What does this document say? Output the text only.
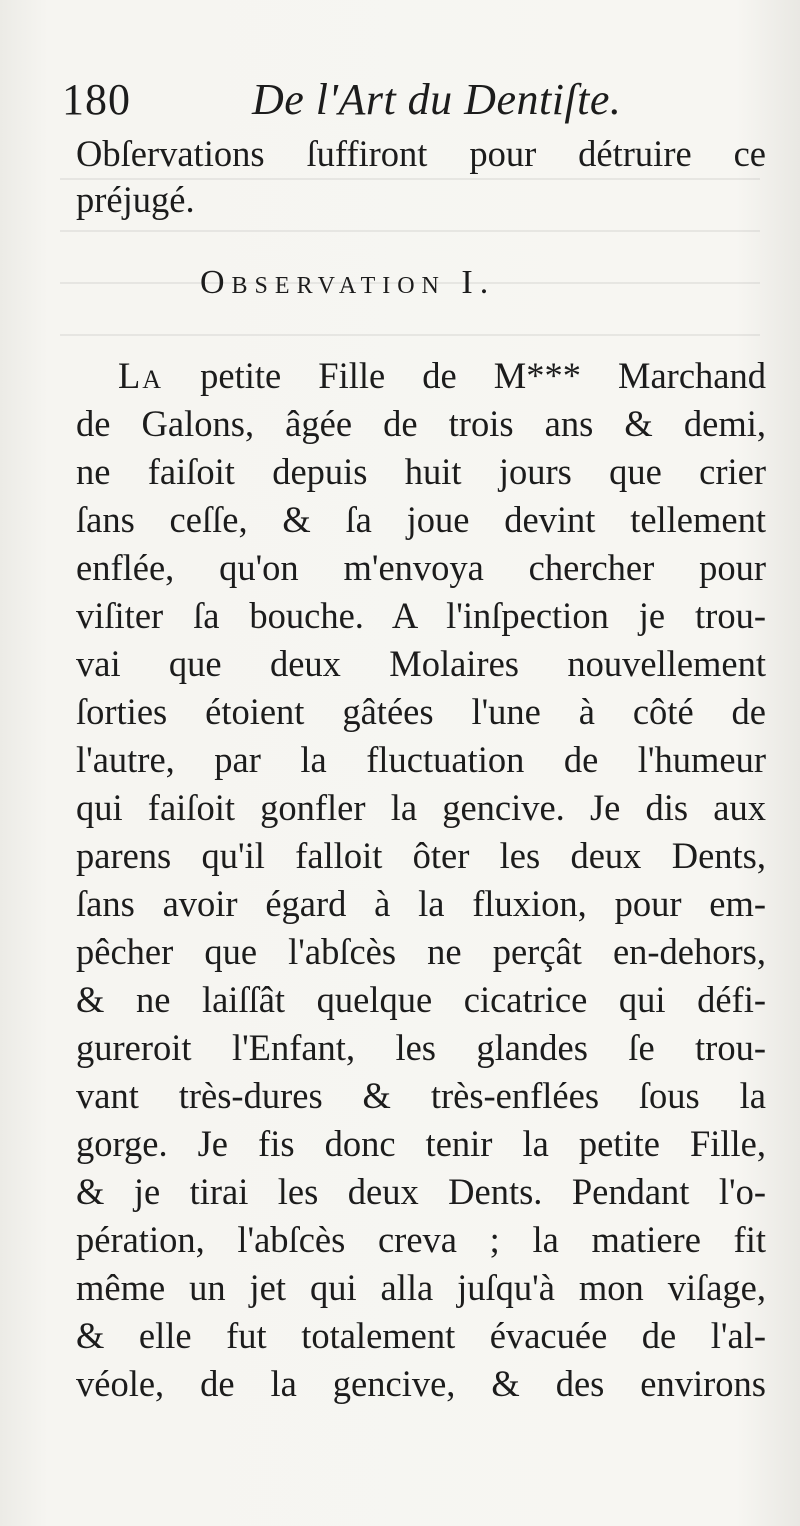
180	De l'Art du Dentiſte.
Obſervations ſuffiront pour détruire ce
préjugé.
Observation I.
La petite Fille de M*** Marchand
de Galons, âgée de trois ans & demi,
ne faiſoit depuis huit jours que crier
ſans ceſſe, & ſa joue devint tellement
enflée, qu'on m'envoya chercher pour
viſiter ſa bouche. A l'inſpection je trou-
vai que deux Molaires nouvellement
ſorties étoient gâtées l'une à côté de
l'autre, par la fluctuation de l'humeur
qui faiſoit gonfler la gencive. Je dis aux
parens qu'il falloit ôter les deux Dents,
ſans avoir égard à la fluxion, pour em-
pêcher que l'abſcès ne perçât en-dehors,
& ne laiſſât quelque cicatrice qui défi-
gureroit l'Enfant, les glandes ſe trou-
vant très-dures & très-enflées ſous la
gorge. Je fis donc tenir la petite Fille,
& je tirai les deux Dents. Pendant l'o-
pération, l'abſcès creva ; la matiere fit
même un jet qui alla juſqu'à mon viſage,
& elle fut totalement évacuée de l'al-
véole, de la gencive, & des environs
